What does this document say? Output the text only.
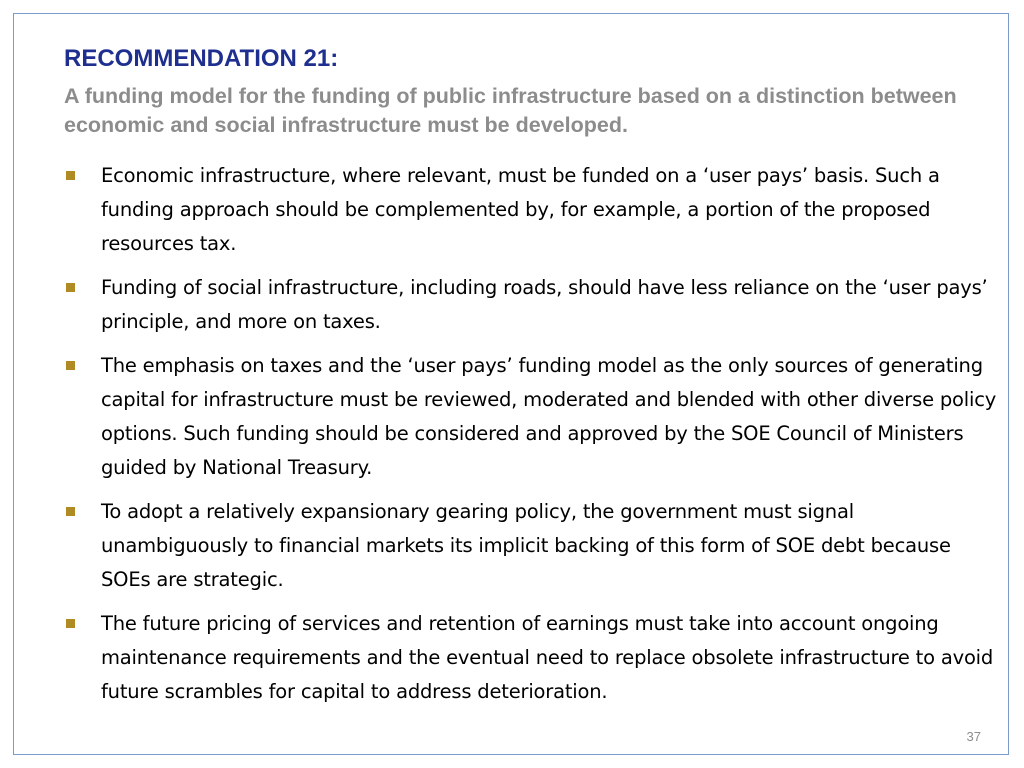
RECOMMENDATION 21:

A funding model for the funding of public infrastructure based on a distinction between economic and social infrastructure must be developed.

Economic infrastructure, where relevant, must be funded on a ‘user pays’ basis. Such a funding approach should be complemented by, for example, a portion of the proposed resources tax.
Funding of social infrastructure, including roads, should have less reliance on the ‘user pays’ principle, and more on taxes.
The emphasis on taxes and the ‘user pays’ funding model as the only sources of generating capital for infrastructure must be reviewed, moderated and blended with other diverse policy options. Such funding should be considered and approved by the SOE Council of Ministers guided by National Treasury.
To adopt a relatively expansionary gearing policy, the government must signal unambiguously to financial markets its implicit backing of this form of SOE debt because SOEs are strategic.
The future pricing of services and retention of earnings must take into account ongoing maintenance requirements and the eventual need to replace obsolete infrastructure to avoid future scrambles for capital to address deterioration.
37
